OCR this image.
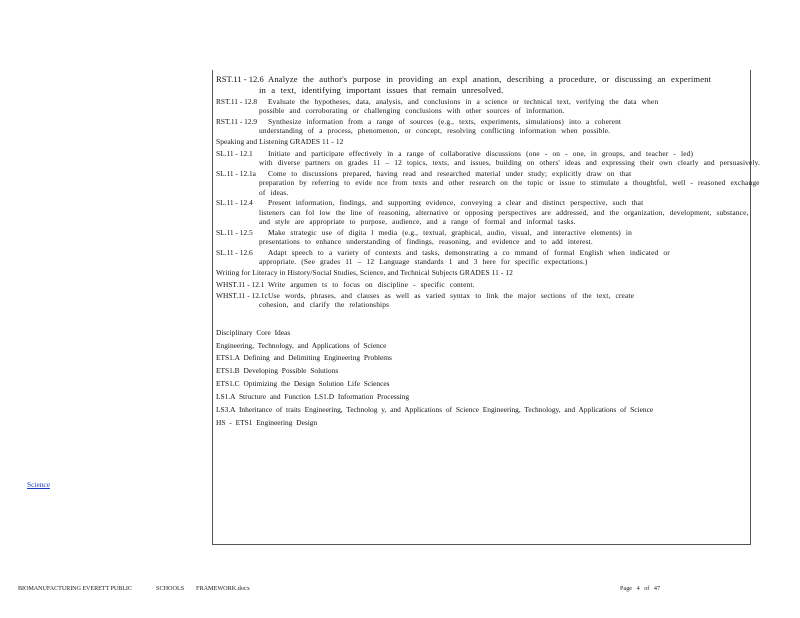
RST.11 - 12.6 Analyze the author's purpose in providing an expl anation, describing a procedure, or discussing an experiment
in a text, identifying important issues that remain unresolved.
RST.11 - 12.8 Evaluate the hypotheses, data, analysis, and conclusions in a science or technical text, verifying the data when
possible and corroborating or challenging conclusions with other sources of information.
RST.11 - 12.9 Synthesize information from a range of sources (e.g., texts, experiments, simulations) into a coherent
understanding of a process, phenomenon, or concept, resolving conflicting information when possible.
Speaking and Listening GRADES 11 - 12
SL.11 - 12.1 Initiate and participate effectively in a range of collaborative discussions (one - on - one, in groups, and teacher - led)
with diverse partners on grades 11 – 12 topics, texts, and issues, building on others' ideas and expressing their own clearly and persuasively.
SL.11 - 12.1a Come to discussions prepared, having read and researched material under study; explicitly draw on that
preparation by referring to evide nce from texts and other research on the topic or issue to stimulate a thoughtful, well - reasoned exchange of ideas.
SL.11 - 12.4 Present information, findings, and supporting evidence, conveying a clear and distinct perspective, such that
listeners can fol low the line of reasoning, alternative or opposing perspectives are addressed, and the organization, development, substance, and style are appropriate to purpose, audience, and a range of formal and informal tasks.
SL.11 - 12.5 Make strategic use of digita l media (e.g., textual, graphical, audio, visual, and interactive elements) in
presentations to enhance understanding of findings, reasoning, and evidence and to add interest.
SL.11 - 12.6 Adapt speech to a variety of contexts and tasks, demonstrating a co mmand of formal English when indicated or
appropriate. (See grades 11 – 12 Language standards 1 and 3 here for specific expectations.)
Writing for Literacy in History/Social Studies, Science, and Technical Subjects GRADES 11 - 12
WHST.11 - 12.1 Write argumen ts to focus on discipline - specific content.
WHST.11 - 12.1cUse words, phrases, and clauses as well as varied syntax to link the major sections of the text, create
cohesion, and clarify the relationships

Disciplinary Core Ideas

Engineering, Technology, and Applications of Science

ETS1.A Defining and Delimiting Engineering Problems

ETS1.B Developing Possible Solutions

ETS1.C Optimizing the Design Solution Life Sciences

LS1.A Structure and Function LS1.D Information Processing

LS3.A Inheritance of traits Engineering, Technolog y, and Applications of Science Engineering, Technology, and Applications of Science

HS - ETS1 Engineering Design

Science
BIOMANUFACTURING EVERETT PUBLIC	SCHOOLS FRAMEWORK.docx	Page 4 of 47
